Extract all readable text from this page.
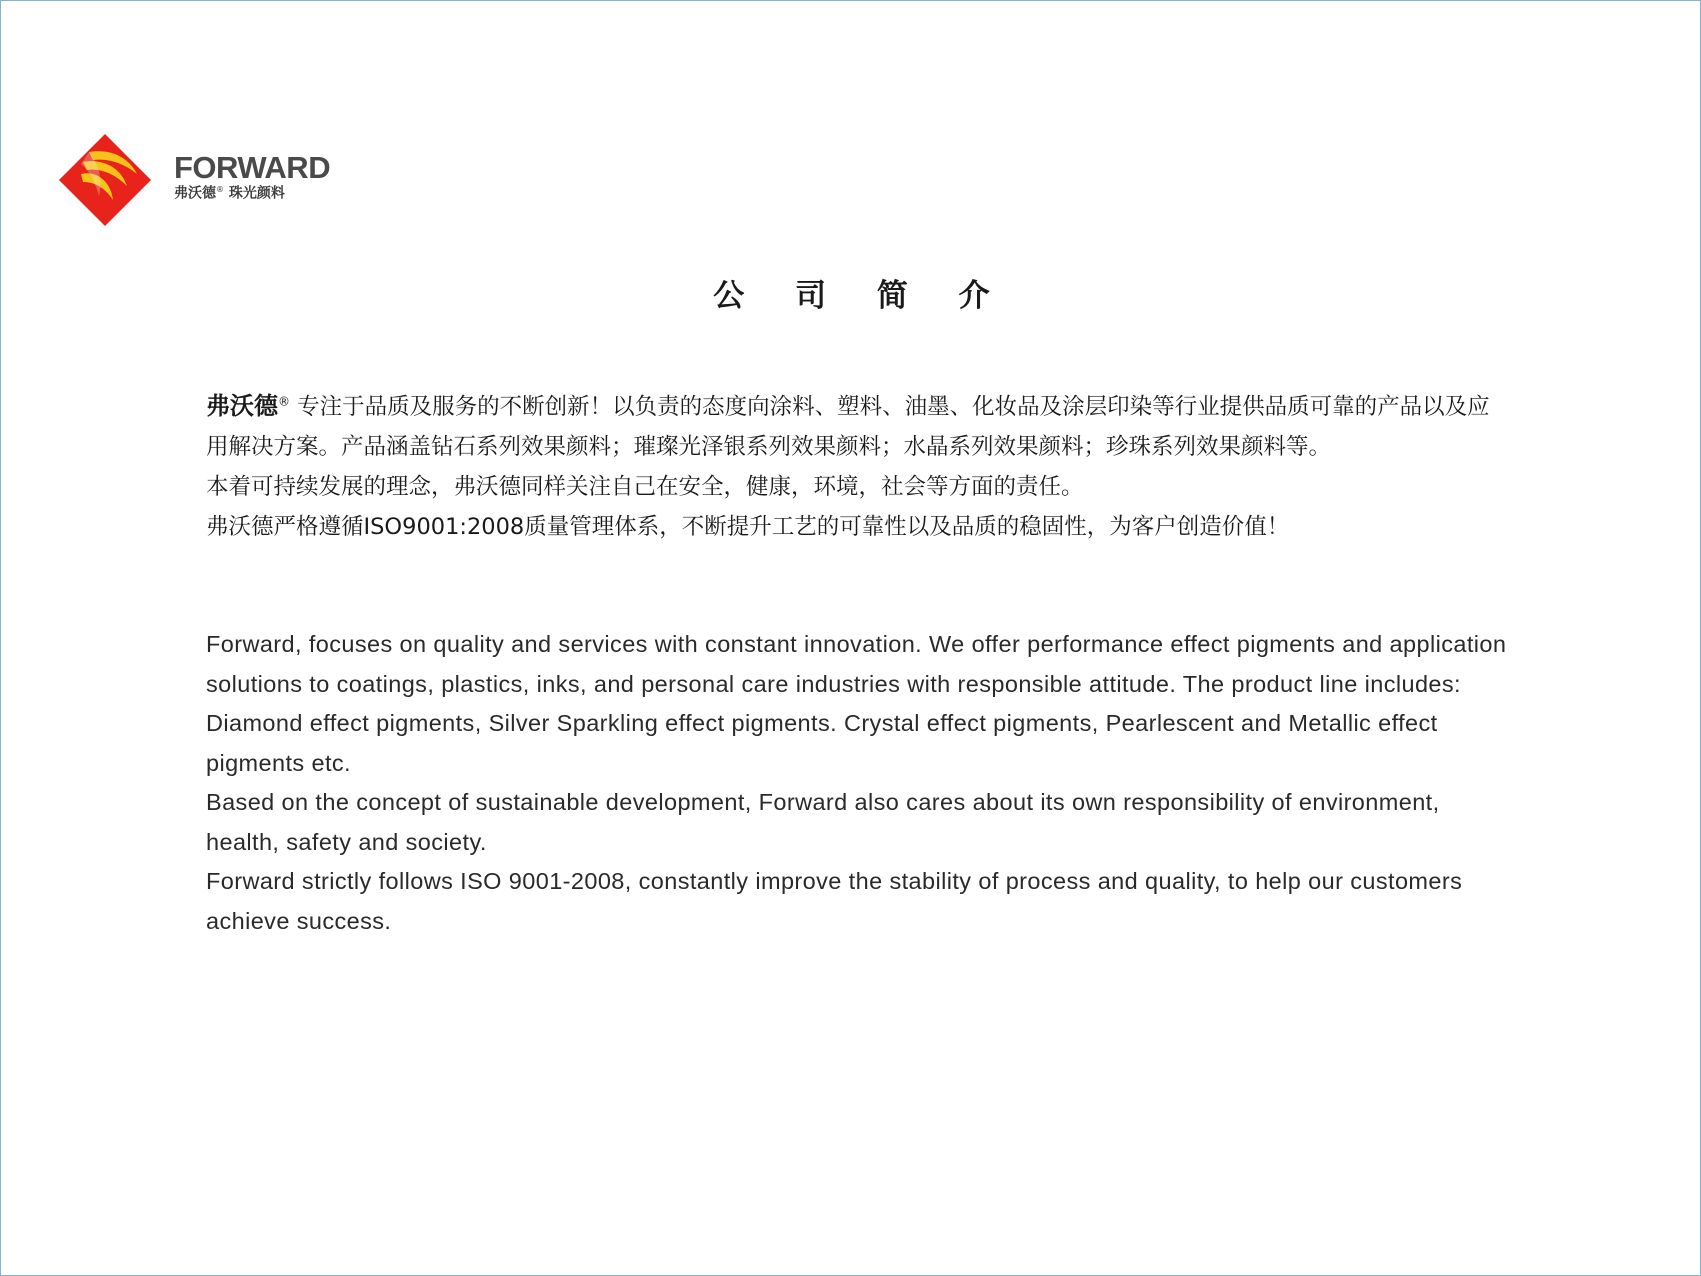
FORWARD
弗沃德® 珠光颜料
公 司 简 介

弗沃德® 专注于品质及服务的不断创新！以负责的态度向涂料、塑料、油墨、化妆品及涂层印染等行业提供品质可靠的产品以及应用解决方案。产品涵盖钻石系列效果颜料；璀璨光泽银系列效果颜料；水晶系列效果颜料；珍珠系列效果颜料等。

本着可持续发展的理念，弗沃德同样关注自己在安全，健康，环境，社会等方面的责任。

弗沃德严格遵循ISO9001:2008质量管理体系，不断提升工艺的可靠性以及品质的稳固性，为客户创造价值！

Forward, focuses on quality and services with constant innovation. We offer performance effect pigments and application solutions to coatings, plastics, inks, and personal care industries with responsible attitude. The product line includes: Diamond effect pigments, Silver Sparkling effect pigments. Crystal effect pigments, Pearlescent and Metallic effect pigments etc.

Based on the concept of sustainable development, Forward also cares about its own responsibility of environment, health, safety and society.

Forward strictly follows ISO 9001-2008, constantly improve the stability of process and quality, to help our customers achieve success.
